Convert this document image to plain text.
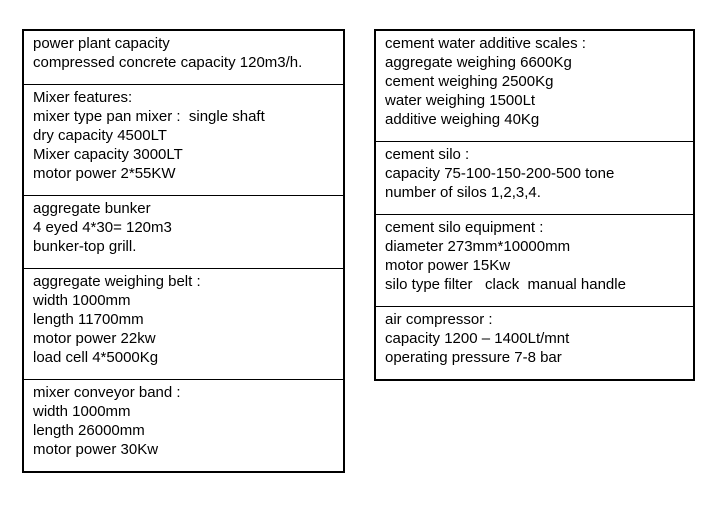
power plant capacity
compressed concrete capacity 120m3/h.
Mixer features:
mixer type pan mixer :  single shaft
dry capacity 4500LT
Mixer capacity 3000LT
motor power 2*55KW
aggregate bunker
4 eyed 4*30= 120m3
bunker-top grill.
aggregate weighing belt :
width 1000mm
length 11700mm
motor power 22kw
load cell 4*5000Kg
mixer conveyor band :
width 1000mm
length 26000mm
motor power 30Kw
cement water additive scales :
aggregate weighing 6600Kg
cement weighing 2500Kg
water weighing 1500Lt
additive weighing 40Kg
cement silo :
capacity 75-100-150-200-500 tone
number of silos 1,2,3,4.
cement silo equipment :
diameter 273mm*10000mm
motor power 15Kw
silo type filter   clack  manual handle
air compressor :
capacity 1200 – 1400Lt/mnt
operating pressure 7-8 bar
